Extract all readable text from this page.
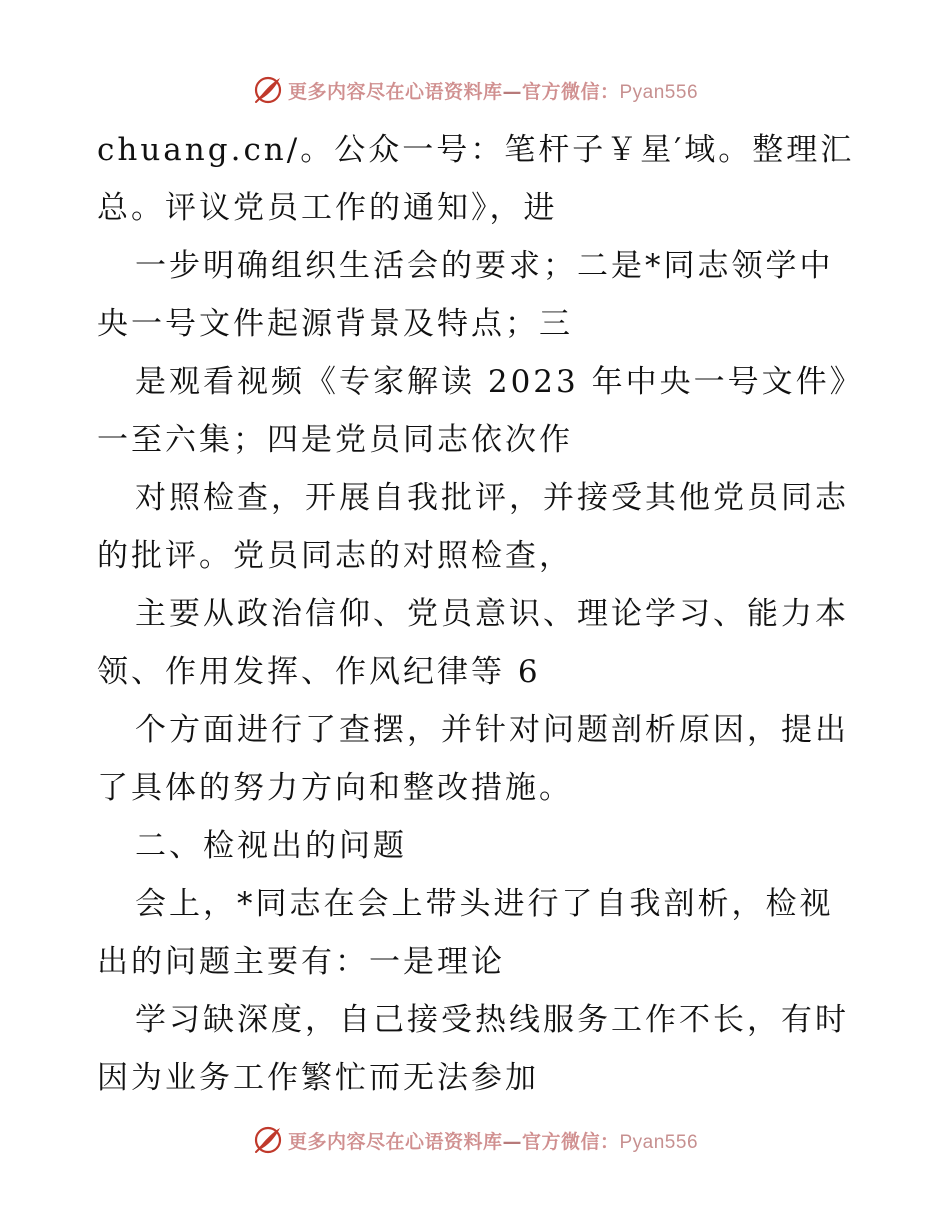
更多内容尽在心语资料库—官方微信：Pyan556
chuang.cn/。公众一号：笔杆子￥星′域。整理汇
总。评议党员工作的通知》，进
一步明确组织生活会的要求；二是*同志领学中
央一号文件起源背景及特点；三
是观看视频《专家解读 2023 年中央一号文件》
一至六集；四是党员同志依次作
对照检查，开展自我批评，并接受其他党员同志
的批评。党员同志的对照检查，
主要从政治信仰、党员意识、理论学习、能力本
领、作用发挥、作风纪律等 6
个方面进行了查摆，并针对问题剖析原因，提出
了具体的努力方向和整改措施。
二、检视出的问题
会上，*同志在会上带头进行了自我剖析，检视
出的问题主要有：一是理论
学习缺深度，自己接受热线服务工作不长，有时
因为业务工作繁忙而无法参加
更多内容尽在心语资料库—官方微信：Pyan556
